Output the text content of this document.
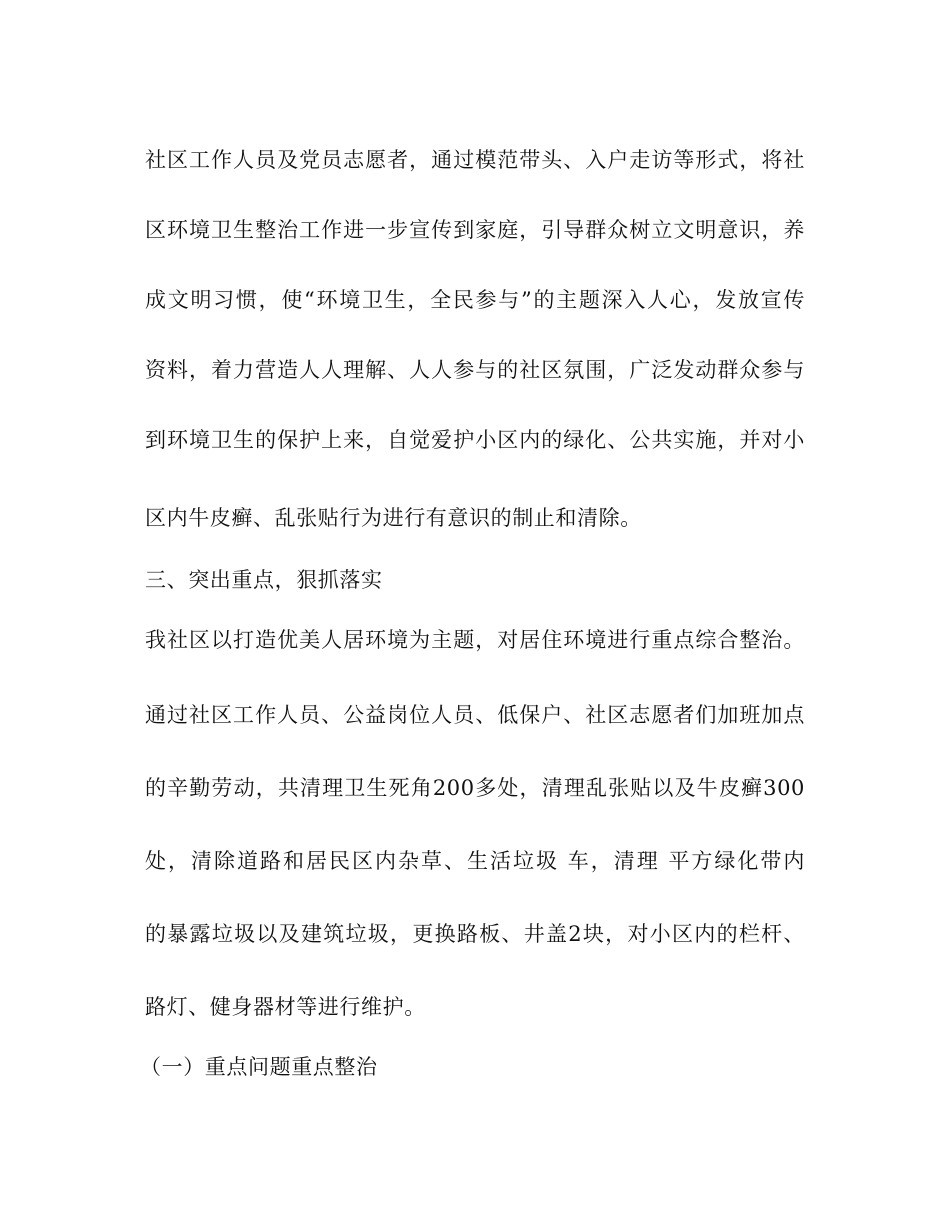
社区工作人员及党员志愿者，通过模范带头、入户走访等形式，将社
区环境卫生整治工作进一步宣传到家庭，引导群众树立文明意识，养
成文明习惯，使“环境卫生，全民参与”的主题深入人心，发放宣传
资料，着力营造人人理解、人人参与的社区氛围，广泛发动群众参与
到环境卫生的保护上来，自觉爱护小区内的绿化、公共实施，并对小
区内牛皮癣、乱张贴行为进行有意识的制止和清除。
三、突出重点，狠抓落实
我社区以打造优美人居环境为主题，对居住环境进行重点综合整治。
通过社区工作人员、公益岗位人员、低保户、社区志愿者们加班加点
的辛勤劳动，共清理卫生死角200多处，清理乱张贴以及牛皮癣300
处，清除道路和居民区内杂草、生活垃圾 车，清理 平方绿化带内
的暴露垃圾以及建筑垃圾，更换路板、井盖2块，对小区内的栏杆、
路灯、健身器材等进行维护。
（一）重点问题重点整治
